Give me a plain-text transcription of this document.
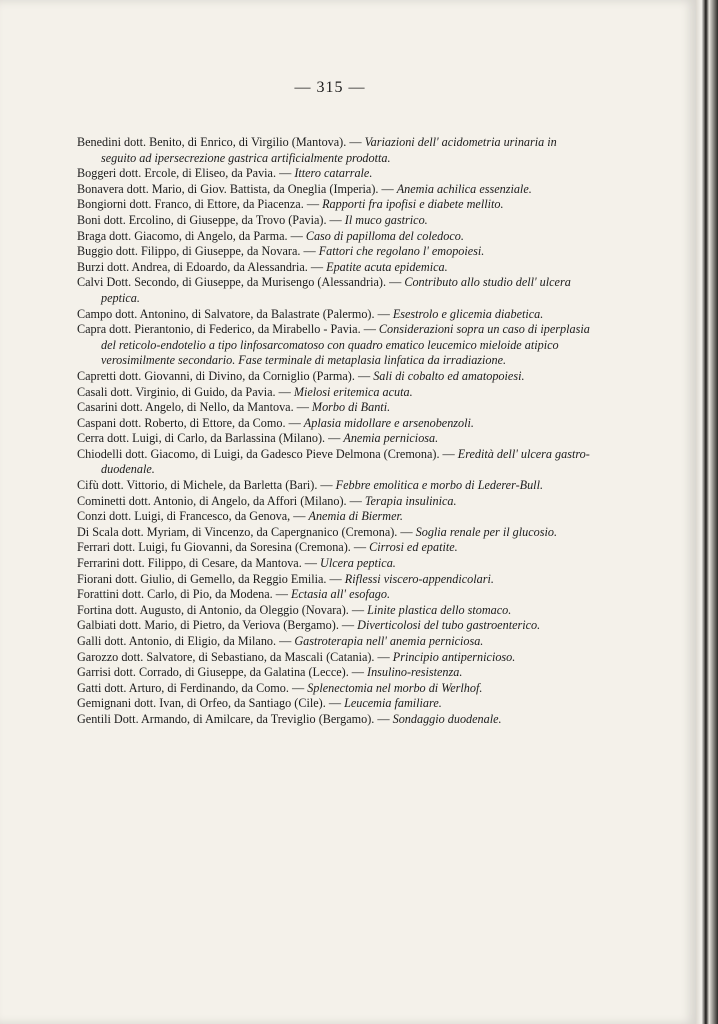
— 315 —

Benedini dott. Benito, di Enrico, di Virgilio (Mantova). — Variazioni dell' acidometria urinaria in seguito ad ipersecrezione gastrica artificialmente prodotta.

Boggeri dott. Ercole, di Eliseo, da Pavia. — Ittero catarrale.

Bonavera dott. Mario, di Giov. Battista, da Oneglia (Imperia). — Anemia achilica essenziale.

Bongiorni dott. Franco, di Ettore, da Piacenza. — Rapporti fra ipofisi e diabete mellito.

Boni dott. Ercolino, di Giuseppe, da Trovo (Pavia). — Il muco gastrico.

Braga dott. Giacomo, di Angelo, da Parma. — Caso di papilloma del coledoco.

Buggio dott. Filippo, di Giuseppe, da Novara. — Fattori che regolano l' emopoiesi.

Burzi dott. Andrea, di Edoardo, da Alessandria. — Epatite acuta epidemica.

Calvi Dott. Secondo, di Giuseppe, da Murisengo (Alessandria). — Contributo allo studio dell' ulcera peptica.

Campo dott. Antonino, di Salvatore, da Balastrate (Palermo). — Esestrolo e glicemia diabetica.

Capra dott. Pierantonio, di Federico, da Mirabello - Pavia. — Considerazioni sopra un caso di iperplasia del reticolo-endotelio a tipo linfosarcomatoso con quadro ematico leucemico mieloide atipico verosimilmente secondario. Fase terminale di metaplasia linfatica da irradiazione.

Capretti dott. Giovanni, di Divino, da Corniglio (Parma). — Sali di cobalto ed amatopoiesi.

Casali dott. Virginio, di Guido, da Pavia. — Mielosi eritemica acuta.

Casarini dott. Angelo, di Nello, da Mantova. — Morbo di Banti.

Caspani dott. Roberto, di Ettore, da Como. — Aplasia midollare e arsenobenzoli.

Cerra dott. Luigi, di Carlo, da Barlassina (Milano). — Anemia perniciosa.

Chiodelli dott. Giacomo, di Luigi, da Gadesco Pieve Delmona (Cremona). — Eredità dell' ulcera gastro-duodenale.

Cifù dott. Vittorio, di Michele, da Barletta (Bari). — Febbre emolitica e morbo di Lederer-Bull.

Cominetti dott. Antonio, di Angelo, da Affori (Milano). — Terapia insulinica.

Conzi dott. Luigi, di Francesco, da Genova, — Anemia di Biermer.

Di Scala dott. Myriam, di Vincenzo, da Capergnanico (Cremona). — Soglia renale per il glucosio.

Ferrari dott. Luigi, fu Giovanni, da Soresina (Cremona). — Cirrosi ed epatite.

Ferrarini dott. Filippo, di Cesare, da Mantova. — Ulcera peptica.

Fiorani dott. Giulio, di Gemello, da Reggio Emilia. — Riflessi viscero-appendicolari.

Forattini dott. Carlo, di Pio, da Modena. — Ectasia all' esofago.

Fortina dott. Augusto, di Antonio, da Oleggio (Novara). — Linite plastica dello stomaco.

Galbiati dott. Mario, di Pietro, da Veriova (Bergamo). — Diverticolosi del tubo gastroenterico.

Galli dott. Antonio, di Eligio, da Milano. — Gastroterapia nell' anemia perniciosa.

Garozzo dott. Salvatore, di Sebastiano, da Mascali (Catania). — Principio antipernicioso.

Garrisi dott. Corrado, di Giuseppe, da Galatina (Lecce). — Insulino-resistenza.

Gatti dott. Arturo, di Ferdinando, da Como. — Splenectomia nel morbo di Werlhof.

Gemignani dott. Ivan, di Orfeo, da Santiago (Cile). — Leucemia familiare.

Gentili Dott. Armando, di Amilcare, da Treviglio (Bergamo). — Sondaggio duodenale.
